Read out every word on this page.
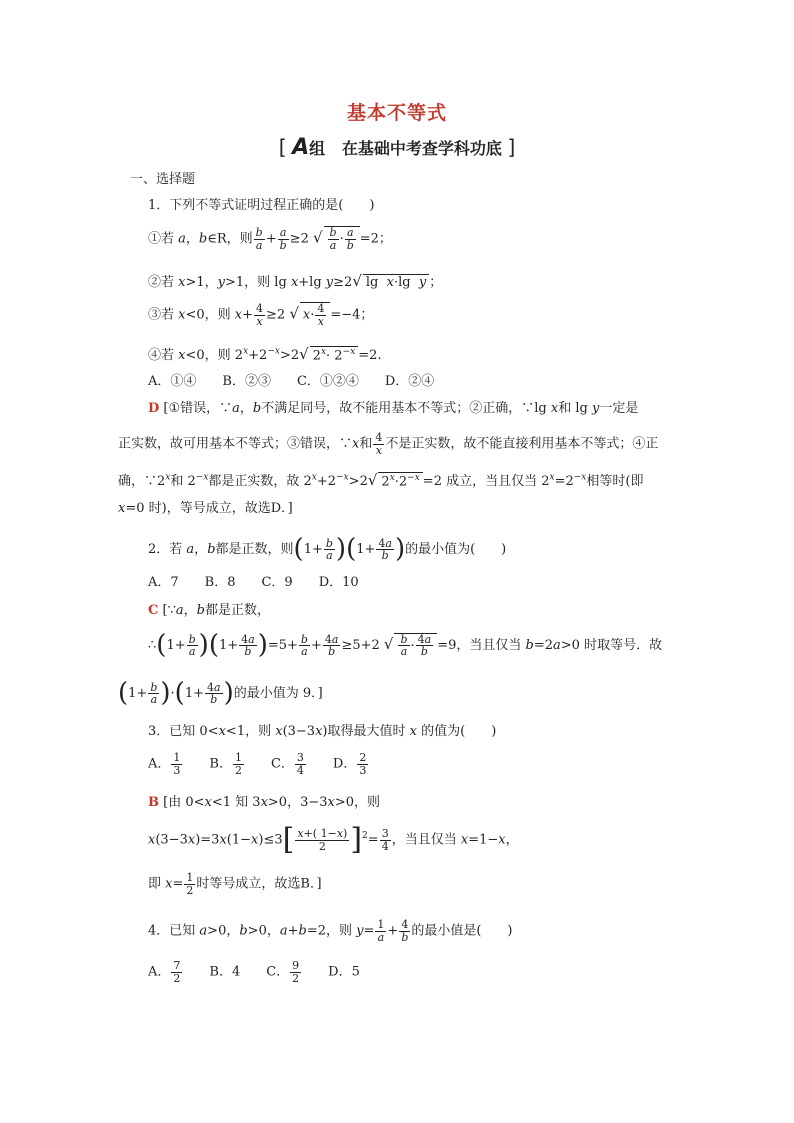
基本不等式
[ A组 在基础中考查学科功底 ]
一、选择题
1．下列不等式证明过程正确的是(　　)
①若 a，b∈R，则 $\frac{b}{a} + \frac{a}{b} \ge 2$ √ $\frac{b}{a} \cdot \frac{a}{b} =2$；
②若 x>1，y>1，则 lg x+lg y≥2√ lg  x·lg  y ；
③若 x<0，则 $x+ \frac{4}{x} \ge 2$ √ $x\cdot \frac{4}{x} =-4$；
④若 x<0，则 $2^x+2^{-x}>2√$ $2^x\cdot 2^{-x} =2$.
A．①④　　B．②③　　C．①②④　　D．②④
D [①错误，∵a，b不满足同号，故不能用基本不等式；②正确，∵lg x和 lg y一定是
正实数，故可用基本不等式；③错误，∵x和 $\frac{4}{x}$ 不是正实数，故不能直接利用基本不等式；④正
确，∵2$^x$和 $2^{-x}$都是正实数，故 $2^x+2^{-x}>2√$ $2^x\cdot 2^{-x} =2$ 成立，当且仅当 $2^x=2^{-x}$相等时(即
x=0 时)，等号成立，故选D．]
2．若 a，b都是正数，则$(1+ \frac{b}{a} )(1+ \frac{4a}{b}$ )的最小值为(　　)
A．7　　B．8　　C．9　　D．10
C [∵a，b都是正数，
∴(1+ $\frac{b}{a} )(1+ \frac{4a}{b} )=5+ \frac{b}{a} + \frac{4a}{b} \ge 5+2$ √ $\frac{b}{a} \cdot \frac{4a}{b} =9$，当且仅当 b=2a>0 时取等号．故
$(1+ \frac{b}{a} )\cdot(1+ \frac{4a}{b}$ )的最小值为 9．]
3．已知 0<x<1，则 x(3−3x)取得最大值时 x 的值为(　　)
A． $\frac{1}{3}$ 　　B． $\frac{1}{2}$ 　　C． $\frac{3}{4}$ 　　D． $\frac{2}{3}$
B [由 0<x<1 知 3x>0，3−3x>0，则
$x(3-3x)=3x(1-x)\le 3[ \frac{x+( 1-x)}{2} ]^2= \frac{3}{4}$ ，当且仅当 x=1−x，
即 $x= \frac{1}{2}$ 时等号成立，故选B．]
4．已知 a>0，b>0，a+b=2，则 $y= \frac{1}{a} + \frac{4}{b}$ 的最小值是(　　)
A． $\frac{7}{2}$ 　　B．4　　C． $\frac{9}{2}$ 　　D．5
